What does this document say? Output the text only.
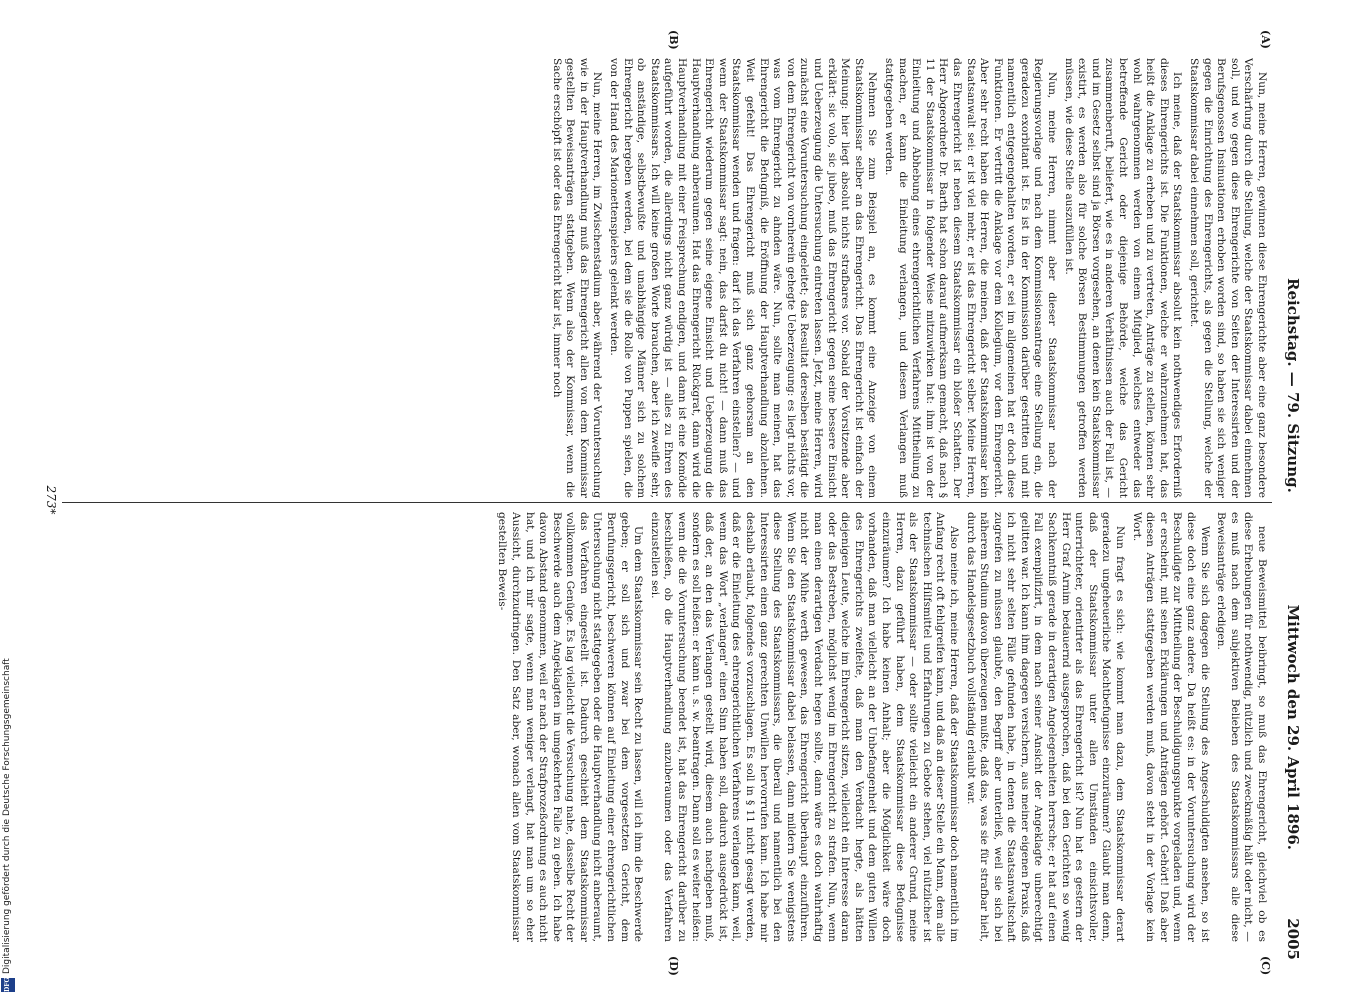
Reichstag. — 79. Sitzung.
Mittwoch den 29. April 1896.
2005
(A)
(B)
(C)
(D)

Nun, meine Herren, gewinnen diese Ehrengerichte aber eine ganz besondere Verschärfung durch die Stellung, welche der Staatskommissar dabei einnehmen soll, und wo gegen diese Ehrengerichte von Seiten der Interessirten und der Berufsgenossen Insinuationen erhoben worden sind, so haben sie sich weniger gegen die Einrichtung des Ehrengerichts, als gegen die Stellung, welche der Staatskommissar dabei einnehmen soll, gerichtet.

Ich meine, daß der Staatskommissar absolut kein nothwendiges Erforderniß dieses Ehrengerichts ist. Die Funktionen, welche er wahrzunehmen hat, das heißt die Anklage zu erheben und zu vertreten, Anträge zu stellen, können sehr wohl wahrgenommen werden von einem Mitglied, welches entweder das betreffende Gericht oder diejenige Behörde, welche das Gericht zusammenberuft, beliefert, wie es in anderen Verhältnissen auch der Fall ist, — und im Gesetz selbst sind ja Börsen vorgesehen, an denen kein Staatskommissar existirt, es werden also für solche Börsen Bestimmungen getroffen werden müssen, wie diese Stelle auszufüllen ist.

Nun, meine Herren, nimmt aber dieser Staatskommissar nach der Regierungsvorlage und nach dem Kommissionsantrage eine Stellung ein, die geradezu exorbitant ist. Es ist in der Kommission darüber gestritten und mit namentlich entgegengehalten worden, er sei im allgemeinen hat er doch diese Funktionen. Er vertritt die Anklage vor dem Kollegium, vor dem Ehrengericht. Aber sehr recht haben die Herren, die meinen, daß der Staatskommissar kein Staatsanwalt sei: er ist viel mehr, er ist das Ehrengericht selber. Meine Herren, das Ehrengericht ist neben diesem Staatskommissar ein bloßer Schatten. Der Herr Abgeordnete Dr. Barth hat schon darauf aufmerksam gemacht, daß nach § 11 der Staatskommissar in folgender Weise mitzuwirken hat: ihm ist von der Einleitung und Abhebung eines ehrengerichtlichen Verfahrens Mittheilung zu machen, er kann die Einleitung verlangen, und diesem Verlangen muß stattgegeben werden.

Nehmen Sie zum Beispiel an, es kommt eine Anzeige von einem Staatskommissar selber an das Ehrengericht. Das Ehrengericht ist einfach der Meinung: hier liegt absolut nichts strafbares vor. Sobald der Vorsitzende aber erklärt: sic volo, sic jubeo, muß das Ehrengericht gegen seine bessere Einsicht und Ueberzeugung die Untersuchung eintreten lassen. Jetzt, meine Herren, wird zunächst eine Voruntersuchung eingeleitet; das Resultat derselben bestätigt die von dem Ehrengericht von vornherein gehegte Ueberzeugung: es liegt nichts vor, was vom Ehrengericht zu ahnden wäre. Nun, sollte man meinen, hat das Ehrengericht die Befugniß, die Eröffnung der Hauptverhandlung abzulehnen. Weit gefehlt! Das Ehrengericht muß sich ganz gehorsam an den Staatskommissar wenden und fragen: darf ich das Verfahren einstellen? — und wenn der Staatskommissar sagt: nein, das darfst du nicht! — dann muß das Ehrengericht wiederum gegen seine eigene Einsicht und Ueberzeugung die Hauptverhandlung anberaumen. Hat das Ehrengericht Rückgrat, dann wird die Hauptverhandlung mit einer Freisprechung endigen, und dann ist eine Komödie aufgeführt worden, die allerdings nicht ganz würdig ist — alles zu Ehren des Staatskommissars. Ich will keine großen Worte brauchen, aber ich zweifle sehr, ob anständige, selbstbewußte und unabhängige Männer sich zu solchem Ehrengericht hergeben werden, bei dem sie die Rolle von Puppen spielen, die von der Hand des Marionettenspielers gelenkt werden.

Nun, meine Herren, im Zwischenstadium aber, während der Voruntersuchung wie in der Hauptverhandlung muß das Ehrengericht allen von dem Kommissar gestellten Beweisanträgen stattgeben. Wenn also der Kommissar, wenn die Sache erschöpft ist oder das Ehrengericht klar ist, immer noch

neue Beweismittel beibringt, so muß das Ehrengericht, gleichviel ob es diese Erhebungen für nothwendig, nützlich und zweckmäßig hält oder nicht, — es muß nach dem subjektiven Belieben des Staatskommissars alle diese Beweisanträge erledigen.

Wenn Sie sich dagegen die Stellung des Angeschuldigten ansehen, so ist diese doch eine ganz andere. Da heißt es: in der Voruntersuchung wird der Beschuldigte zur Mittheilung der Beschuldigungspunkte vorgeladen und, wenn er erscheint, mit seinen Erklärungen und Anträgen gehört. Gehört! Daß aber diesen Anträgen stattgegeben werden muß, davon steht in der Vorlage kein Wort.

Nun fragt es sich: wie kommt man dazu, dem Staatskommissar derart geradezu ungeheuerliche Machtbefugnisse einzuräumen? Glaubt man denn, daß der Staatskommissar unter allen Umständen einsichtsvoller, unterrichteter, orientirter als das Ehrengericht ist? Nun hat es gestern der Herr Graf Arnim bedauernd ausgesprochen, daß bei den Gerichten so wenig Sachkenntniß gerade in derartigen Angelegenheiten herrsche; er hat auf einen Fall exemplifizirt, in dem nach seiner Ansicht der Angeklagte unberechtigt gelitten war. Ich kann ihm dagegen versichern, aus meiner eigenen Praxis, daß ich nicht sehr selten Fälle gefunden habe, in denen die Staatsanwaltschaft zugreifen zu müssen glaubte, den Begriff aber unterließ, weil sie sich bei näherem Studium davon überzeugen mußte, daß das, was sie für strafbar hielt, durch das Handelsgesetzbuch vollständig erlaubt war.

Also meine ich, meine Herren, daß der Staatskommissar doch namentlich im Anfang recht oft fehlgreifen kann, und daß an dieser Stelle ein Mann, dem alle technischen Hilfsmittel und Erfahrungen zu Gebote stehen, viel nützlicher ist als der Staatskommissar — oder sollte vielleicht ein anderer Grund, meine Herren, dazu geführt haben, dem Staatskommissar diese Befugnisse einzuräumen? Ich habe keinen Anhalt; aber die Möglichkeit wäre doch vorhanden, daß man vielleicht an der Unbefangenheit und dem guten Willen des Ehrengerichts zweifelte, daß man den Verdacht hegte, als hätten diejenigen Leute, welche im Ehrengericht sitzen, vielleicht ein Interesse daran oder das Bestreben, möglichst wenig im Ehrengericht zu strafen. Nun, wenn man einen derartigen Verdacht hegen sollte, dann wäre es doch wahrhaftig nicht der Mühe werth gewesen, das Ehrengericht überhaupt einzuführen. Wenn Sie den Staatskommissar dabei belassen, dann mildern Sie wenigstens diese Stellung des Staatskommissars, die überall und namentlich bei den Interessirten einen ganz gerechten Unwillen hervorrufen kann. Ich habe mir deshalb erlaubt, folgendes vorzuschlagen. Es soll in § 11 nicht gesagt werden, daß er die Einleitung des ehrengerichtlichen Verfahrens verlangen kann, weil, wenn das Wort „verlangen" einen Sinn haben soll, dadurch ausgedrückt ist, daß der, an den das Verlangen gestellt wird, diesem auch nachgeben muß, sondern es soll heißen: er kann u. s. w. beantragen. Dann soll es weiter heißen: wenn die die Voruntersuchung beendet ist, hat das Ehrengericht darüber zu beschließen, ob die Hauptverhandlung anzuberaumen oder das Verfahren einzustellen sei.

Um dem Staatskommissar sein Recht zu lassen, will ich ihm die Beschwerde geben; er soll sich und zwar bei dem vorgesetzten Gericht, dem Berufungsgericht, beschweren können auf Einleitung einer ehrengerichtlichen Untersuchung nicht stattgegeben oder die Hauptverhandlung nicht anberaumt, das Verfahren eingestellt ist. Dadurch geschieht dem Staatskommissar vollkommen Genüge. Es lag vielleicht die Versuchung nahe, dasselbe Recht der Beschwerde auch dem Angeklagten im umgekehrten Falle zu geben. Ich habe davon Abstand genommen, weil er nach der Strafprozeßordnung es auch nicht hat, und ich mir sagte, wenn man weniger verlangt, hat man um so eher Aussicht, durchzudringen. Den Satz aber, wonach allen vom Staatskommissar gestellten Beweis-

273*
DFG
Digitalisierung gefördert durch die Deutsche Forschungsgemeinschaft
